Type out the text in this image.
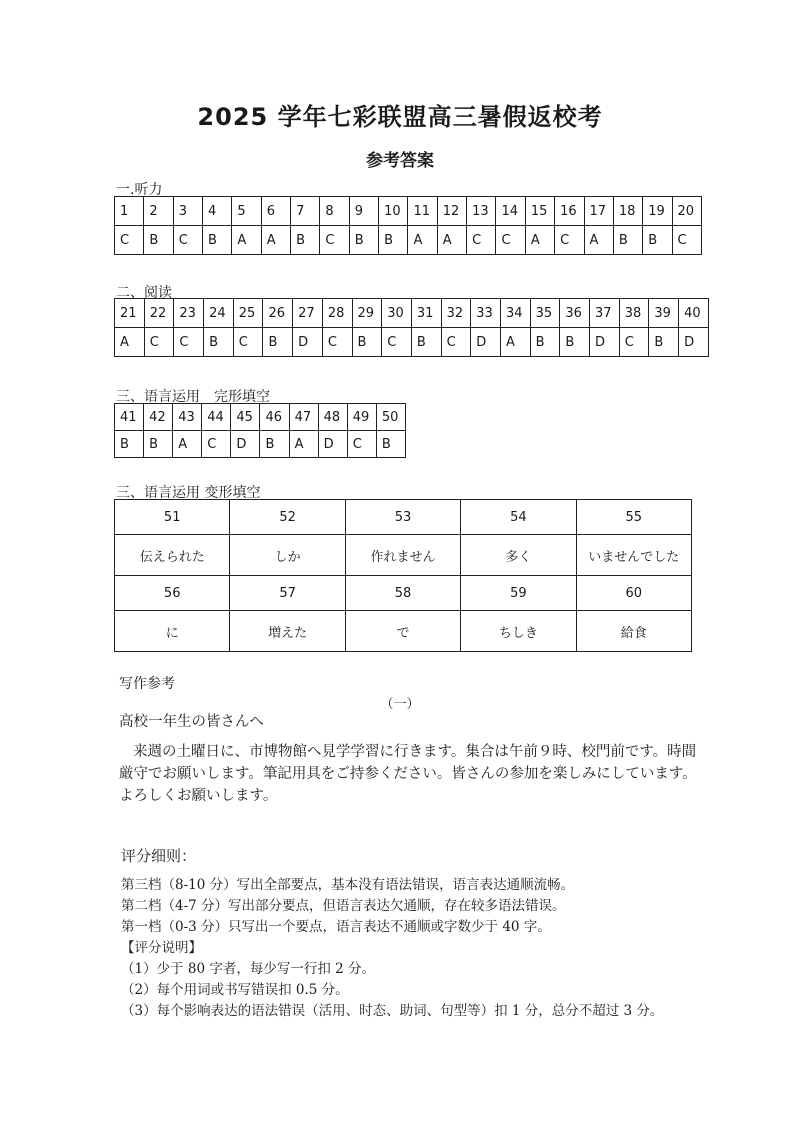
2025 学年七彩联盟高三暑假返校考
参考答案
一.听力
1	2	3	4	5	6	7	8	9	10	11	12	13	14	15	16	17	18	19	20
C	B	C	B	A	A	B	C	B	B	A	A	C	C	A	C	A	B	B	C
二、阅读
21	22	23	24	25	26	27	28	29	30	31	32	33	34	35	36	37	38	39	40
A	C	C	B	C	B	D	C	B	C	B	C	D	A	B	B	D	C	B	D
三、语言运用　完形填空
41	42	43	44	45	46	47	48	49	50
B	B	A	C	D	B	A	D	C	B
三、语言运用 变形填空
51	52	53	54	55
伝えられた	しか	作れません	多く	いませんでした
56	57	58	59	60
に	増えた	で	ちしき	給食
写作参考
（一）
高校一年生の皆さんへ
来週の土曜日に、市博物館へ見学学習に行きます。集合は午前９時、校門前です。時間厳守でお願いします。筆記用具をご持参ください。皆さんの参加を楽しみにしています。よろしくお願いします。
评分细则：
第三档（8-10 分）写出全部要点，基本没有语法错误，语言表达通顺流畅。
第二档（4-7 分）写出部分要点，但语言表达欠通顺，存在较多语法错误。
第一档（0-3 分）只写出一个要点，语言表达不通顺或字数少于 40 字。
【评分说明】
（1）少于 80 字者，每少写一行扣 2 分。
（2）每个用词或书写错误扣 0.5 分。
（3）每个影响表达的语法错误（活用、时态、助词、句型等）扣 1 分，总分不超过 3 分。
